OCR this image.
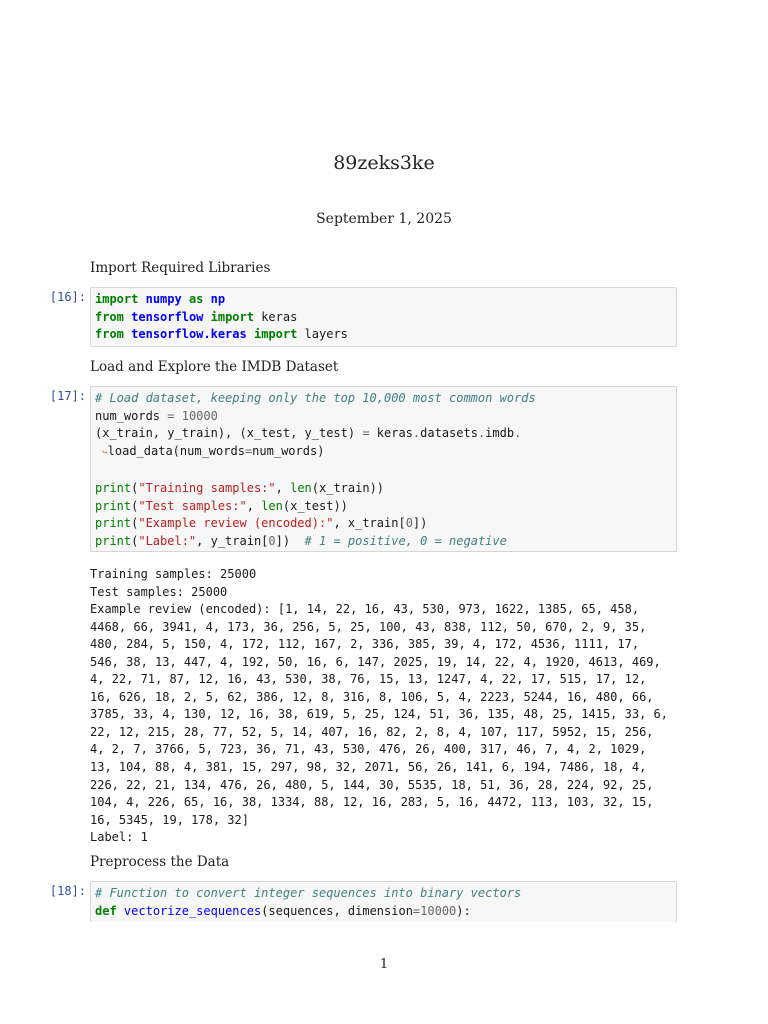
89zeks3ke
September 1, 2025
Import Required Libraries
[16]: import numpy as np
from tensorflow import keras
from tensorflow.keras import layers
Load and Explore the IMDB Dataset
[17]: # Load dataset, keeping only the top 10,000 most common words
num_words = 10000
(x_train, y_train), (x_test, y_test) = keras.datasets.imdb.
↪load_data(num_words=num_words)

print("Training samples:", len(x_train))
print("Test samples:", len(x_test))
print("Example review (encoded):", x_train[0])
print("Label:", y_train[0])  # 1 = positive, 0 = negative
Training samples: 25000
Test samples: 25000
Example review (encoded): [1, 14, 22, 16, 43, 530, 973, 1622, 1385, 65, 458,
4468, 66, 3941, 4, 173, 36, 256, 5, 25, 100, 43, 838, 112, 50, 670, 2, 9, 35,
480, 284, 5, 150, 4, 172, 112, 167, 2, 336, 385, 39, 4, 172, 4536, 1111, 17,
546, 38, 13, 447, 4, 192, 50, 16, 6, 147, 2025, 19, 14, 22, 4, 1920, 4613, 469,
4, 22, 71, 87, 12, 16, 43, 530, 38, 76, 15, 13, 1247, 4, 22, 17, 515, 17, 12,
16, 626, 18, 2, 5, 62, 386, 12, 8, 316, 8, 106, 5, 4, 2223, 5244, 16, 480, 66,
3785, 33, 4, 130, 12, 16, 38, 619, 5, 25, 124, 51, 36, 135, 48, 25, 1415, 33, 6,
22, 12, 215, 28, 77, 52, 5, 14, 407, 16, 82, 2, 8, 4, 107, 117, 5952, 15, 256,
4, 2, 7, 3766, 5, 723, 36, 71, 43, 530, 476, 26, 400, 317, 46, 7, 4, 2, 1029,
13, 104, 88, 4, 381, 15, 297, 98, 32, 2071, 56, 26, 141, 6, 194, 7486, 18, 4,
226, 22, 21, 134, 476, 26, 480, 5, 144, 30, 5535, 18, 51, 36, 28, 224, 92, 25,
104, 4, 226, 65, 16, 38, 1334, 88, 12, 16, 283, 5, 16, 4472, 113, 103, 32, 15,
16, 5345, 19, 178, 32]
Label: 1
Preprocess the Data
[18]: # Function to convert integer sequences into binary vectors
def vectorize_sequences(sequences, dimension=10000):
1
